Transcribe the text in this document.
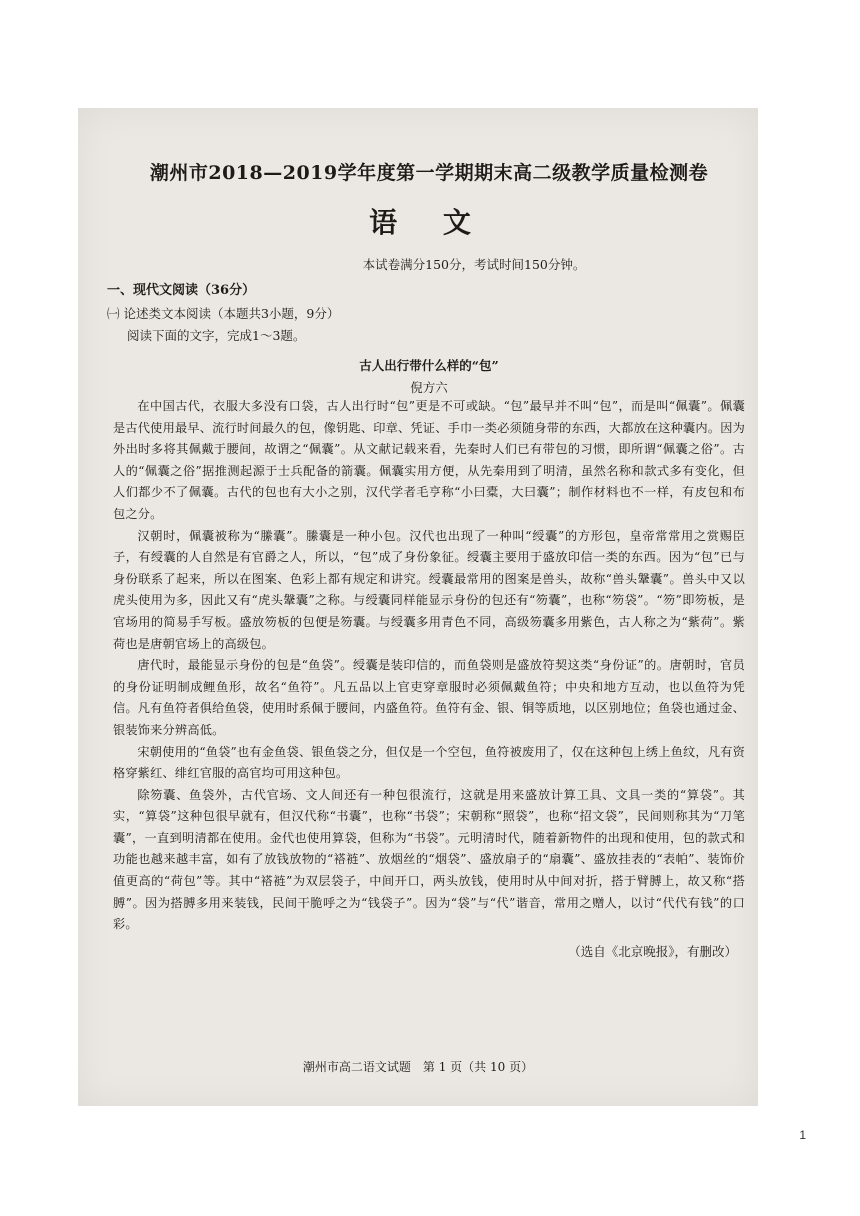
潮州市2018—2019学年度第一学期期末高二级教学质量检测卷
语 文
本试卷满分150分，考试时间150分钟。
一、现代文阅读（36分）
㈠ 论述类文本阅读（本题共3小题，9分）
阅读下面的文字，完成1～3题。
古人出行带什么样的“包”
倪方六

在中国古代，衣服大多没有口袋，古人出行时“包”更是不可或缺。“包”最早并不叫“包”，而是叫“佩囊”。佩囊是古代使用最早、流行时间最久的包，像钥匙、印章、凭证、手巾一类必须随身带的东西，大都放在这种囊内。因为外出时多将其佩戴于腰间，故谓之“佩囊”。从文献记载来看，先秦时人们已有带包的习惯，即所谓“佩囊之俗”。古人的“佩囊之俗”据推测起源于士兵配备的箭囊。佩囊实用方便，从先秦用到了明清，虽然名称和款式多有变化，但人们都少不了佩囊。古代的包也有大小之别，汉代学者毛亨称“小曰橐，大曰囊”；制作材料也不一样，有皮包和布包之分。

汉朝时，佩囊被称为“縢囊”。縢囊是一种小包。汉代也出现了一种叫“绶囊”的方形包，皇帝常常用之赏赐臣子，有绶囊的人自然是有官爵之人，所以，“包”成了身份象征。绶囊主要用于盛放印信一类的东西。因为“包”已与身份联系了起来，所以在图案、色彩上都有规定和讲究。绶囊最常用的图案是兽头，故称“兽头鞶囊”。兽头中又以虎头使用为多，因此又有“虎头鞶囊”之称。与绶囊同样能显示身份的包还有“笏囊”，也称“笏袋”。“笏”即笏板，是官场用的简易手写板。盛放笏板的包便是笏囊。与绶囊多用青色不同，高级笏囊多用紫色，古人称之为“紫荷”。紫荷也是唐朝官场上的高级包。

唐代时，最能显示身份的包是“鱼袋”。绶囊是装印信的，而鱼袋则是盛放符契这类“身份证”的。唐朝时，官员的身份证明制成鲤鱼形，故名“鱼符”。凡五品以上官吏穿章服时必须佩戴鱼符；中央和地方互动，也以鱼符为凭信。凡有鱼符者俱给鱼袋，使用时系佩于腰间，内盛鱼符。鱼符有金、银、铜等质地，以区别地位；鱼袋也通过金、银装饰来分辨高低。

宋朝使用的“鱼袋”也有金鱼袋、银鱼袋之分，但仅是一个空包，鱼符被废用了，仅在这种包上绣上鱼纹，凡有资格穿紫红、绯红官服的高官均可用这种包。

除笏囊、鱼袋外，古代官场、文人间还有一种包很流行，这就是用来盛放计算工具、文具一类的“算袋”。其实，“算袋”这种包很早就有，但汉代称“书囊”，也称“书袋”；宋朝称“照袋”，也称“招文袋”，民间则称其为“刀笔囊”，一直到明清都在使用。金代也使用算袋，但称为“书袋”。元明清时代，随着新物件的出现和使用，包的款式和功能也越来越丰富，如有了放钱放物的“褡裢”、放烟丝的“烟袋”、盛放扇子的“扇囊”、盛放挂表的“表帕”、装饰价值更高的“荷包”等。其中“褡裢”为双层袋子，中间开口，两头放钱，使用时从中间对折，搭于臂膊上，故又称“搭膊”。因为搭膊多用来装钱，民间干脆呼之为“钱袋子”。因为“袋”与“代”谐音，常用之赠人，以讨“代代有钱”的口彩。

（选自《北京晚报》，有删改）
潮州市高二语文试题　第 1 页（共 10 页）
1
